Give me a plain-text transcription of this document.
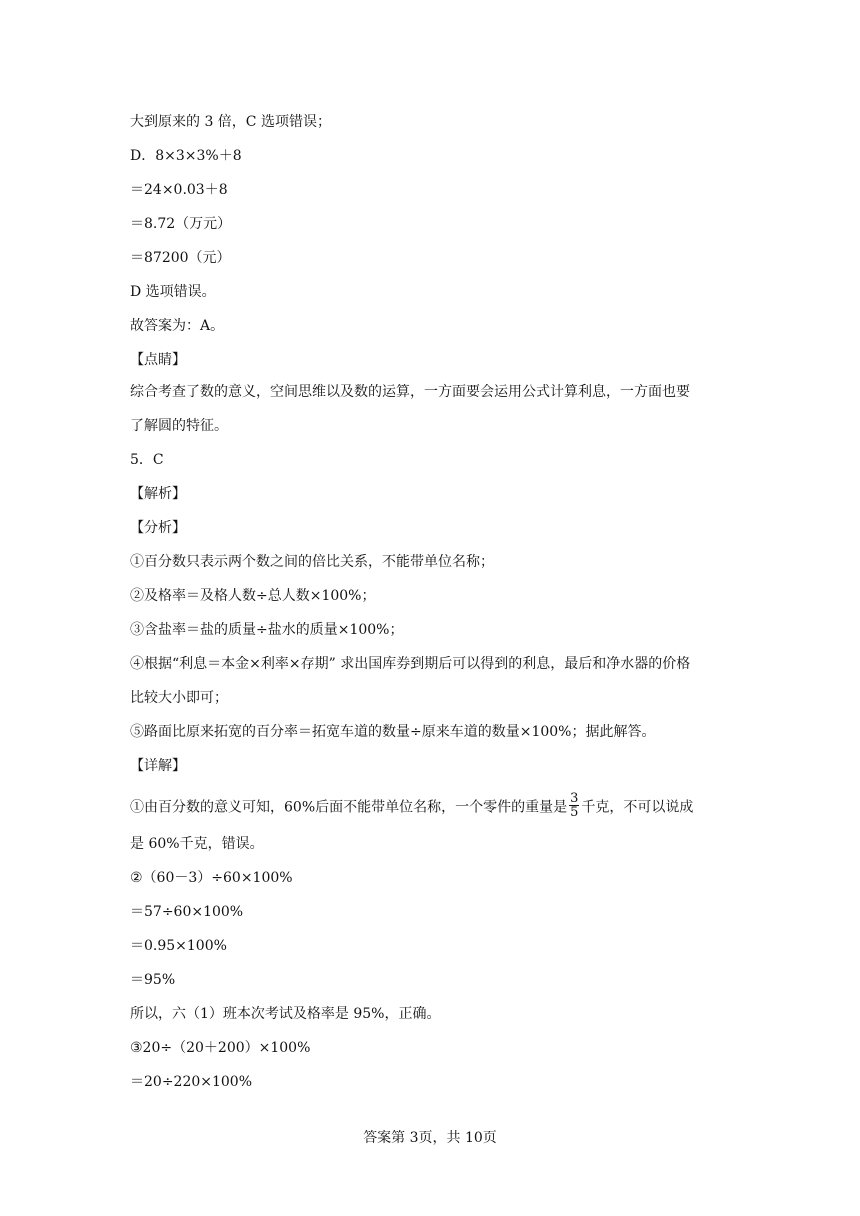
大到原来的 3 倍，C 选项错误；
D．8×3×3%＋8
＝24×0.03＋8
＝8.72（万元）
＝87200（元）
D 选项错误。
故答案为：A。
【点睛】
综合考查了数的意义，空间思维以及数的运算，一方面要会运用公式计算利息，一方面也要
了解圆的特征。
5．C
【解析】
【分析】
①百分数只表示两个数之间的倍比关系，不能带单位名称；
②及格率＝及格人数÷总人数×100%；
③含盐率＝盐的质量÷盐水的质量×100%；
④根据“利息＝本金×利率×存期” 求出国库券到期后可以得到的利息，最后和净水器的价格
比较大小即可；
⑤路面比原来拓宽的百分率＝拓宽车道的数量÷原来车道的数量×100%；据此解答。
【详解】
①由百分数的意义可知，60%后面不能带单位名称，一个零件的重量是 $\frac{3}{5}$ 千克，不可以说成
是 60%千克，错误。
②（60－3）÷60×100%
＝57÷60×100%
＝0.95×100%
＝95%
所以，六（1）班本次考试及格率是 95%，正确。
③20÷（20＋200）×100%
＝20÷220×100%
答案第 3页，共 10页
